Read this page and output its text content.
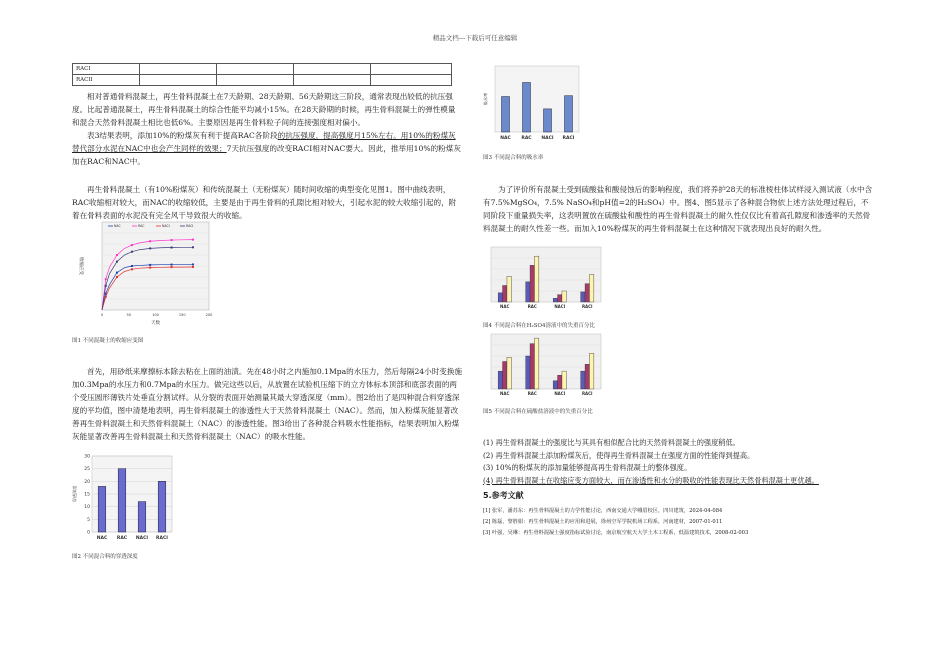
精品文档---下载后可任意编辑
RACI				
RACII				

相对普通骨料混凝土，再生骨料混凝土在7天龄期、28天龄期、56天龄期这三阶段，通常表现出较低的抗压强度。比起普通混凝土，再生骨料混凝土的综合性能平均减小15%。在28天龄期的时候，再生骨料混凝土的弹性模量和混合天然骨料混凝土相比也低6%。主要原因是再生骨料粒子间的连接强度相对偏小。

表3结果表明，添加10%的粉煤灰有利于提高RAC各阶段的抗压强度，提高强度月15%左右。用10%的粉煤灰替代部分水泥在NAC中也会产生同样的效果；7天抗压强度的改变RACI相对NAC要大。因此，推举用10%的粉煤灰加在RAC和NAC中。

再生骨料混凝土（有10%粉煤灰）和传统混凝土（无粉煤灰）随时间收缩的典型变化见图1。图中曲线表明，RAC收缩相对较大，而NAC的收缩较低，主要是由于再生骨料的孔隙比相对较大，引起水泥的较大收缩引起的，附着在骨料表面的水泥没有完全风干导致很大的收缩。

0	50	100	150	200
天数
收缩应变
NAC	RAC	NACI	RACI
图1 不同混凝土的收缩应变图

首先，用砂纸来摩擦标本除去粘在上面的油渍。先在48小时之内施加0.1Mpa的水压力，然后每隔24小时变换施加0.3Mpa的水压力和0.7Mpa的水压力。做完这些以后，从放置在试验机压缩下的立方体标本顶部和底部表面的两个受压圆形薄铁片处垂直分割试样。从分裂的表面开始测量其最大穿透深度（mm）。图2给出了是四种混合料穿透深度的平均值，图中清楚地表明，再生骨料混凝土的渗透性大于天然骨料混凝土（NAC）。然而，加入粉煤灰能显著改善再生骨料混凝土和天然骨料混凝土（NAC）的渗透性能。图3给出了各种混合料吸水性能指标，结果表明加入粉煤灰能显著改善再生骨料混凝土和天然骨料混凝土（NAC）的吸水性能。

0
5
10
15
20
25
30
NAC RAC NACI RACI
穿透深度
图2 不同混合料的穿透深度
NAC RAC NACI RACI
吸水率
图3 不同混合料的吸水率

为了评价所有混凝土受到硫酸盐和酸侵蚀后的影响程度，我们将养护28天的标准棱柱体试样浸入测试液（水中含有7.5%MgSO₄，7.5% NaSO₄和pH值=2的H₂SO₄）中。图4、图5显示了各种混合物依上述方法处理过程后，不同阶段下重量损失率，这表明置放在硫酸盐和酸性的再生骨料混凝土的耐久性仅仅比有着高孔隙度和渗透率的天然骨料混凝土的耐久性差一些。而加入10%粉煤灰的再生骨料混凝土在这种情况下就表现出良好的耐久性。

NAC	RAC	NACI	RACI
图4 不同混合料在H₂SO4溶液中的失重百分比
NAC	RAC	NACI	RACI
图5 不同混合料在硫酸盐溶液中的失重百分比

(1) 再生骨料混凝土的强度比与其具有相似配合比的天然骨料混凝土的强度稍低。

(2) 再生骨料混凝土添加粉煤灰后，使得再生骨料混凝土在强度方面的性能得到提高。

(3) 10%的粉煤灰的添加量能够提高再生骨料混凝土的整体强度。

(4) 再生骨料混凝土在收缩应变方面较大，而在渗透性和水分的吸收的性能表现比天然骨料混凝土更优越。

5.参考文献
[1] 张军，潘苏东：再生骨料混凝土的力学性能讨论，西南交通大学峨眉校区，四川建筑，2024-04-084
[2] 陈磊，黎胜娟：再生骨料混凝土的应用和进展，徐州空军学院机场工程系，河南建材，2007-01-011
[3] 叶强，吴琳：再生骨料混凝土强度指标试验讨论，南京航空航天大学土木工程系，低温建筑技术，2008-02-003
